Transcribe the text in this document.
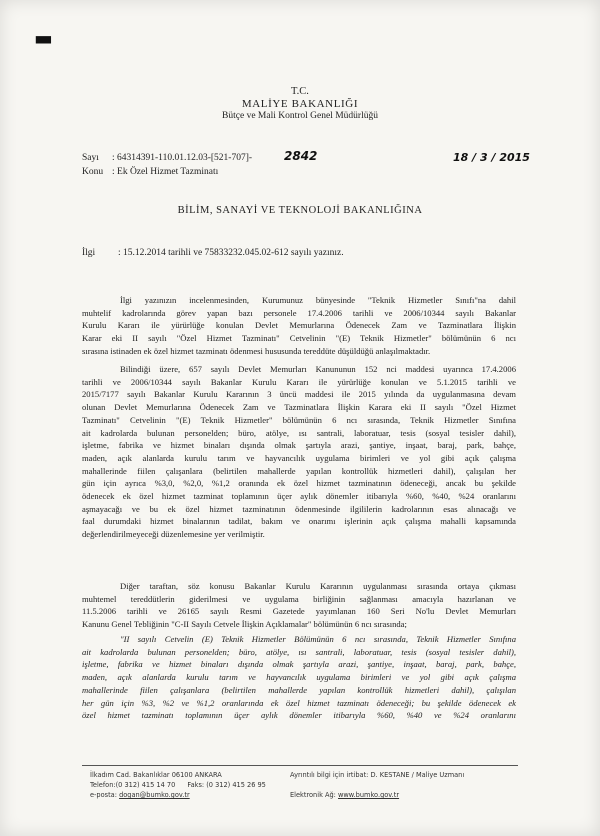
▬
T.C.
MALİYE BAKANLIĞI
Bütçe ve Mali Kontrol Genel Müdürlüğü
Sayı : 64314391-110.01.12.03-[521-707]-	2842	18 / 3 / 2015
Konu : Ek Özel Hizmet Tazminatı
BİLİM, SANAYİ VE TEKNOLOJİ BAKANLIĞINA
İlgi : 15.12.2014 tarihli ve 75833232.045.02-612 sayılı yazınız.
İlgi yazınızın incelenmesinden, Kurumunuz bünyesinde "Teknik Hizmetler Sınıfı"na dahil
muhtelif kadrolarında görev yapan bazı personele 17.4.2006 tarihli ve 2006/10344 sayılı Bakanlar
Kurulu Kararı ile yürürlüğe konulan Devlet Memurlarına Ödenecek Zam ve Tazminatlara İlişkin
Karar eki II sayılı "Özel Hizmet Tazminatı" Cetvelinin "(E) Teknik Hizmetler" bölümünün 6 ncı
sırasına istinaden ek özel hizmet tazminatı ödenmesi hususunda tereddüte düşüldüğü anlaşılmaktadır.
Bilindiği üzere, 657 sayılı Devlet Memurları Kanununun 152 nci maddesi uyarınca 17.4.2006
tarihli ve 2006/10344 sayılı Bakanlar Kurulu Kararı ile yürürlüğe konulan ve 5.1.2015 tarihli ve
2015/7177 sayılı Bakanlar Kurulu Kararının 3 üncü maddesi ile 2015 yılında da uygulanmasına devam
olunan Devlet Memurlarına Ödenecek Zam ve Tazminatlara İlişkin Karara eki II sayılı "Özel Hizmet
Tazminatı" Cetvelinin "(E) Teknik Hizmetler" bölümünün 6 ncı sırasında, Teknik Hizmetler Sınıfına
ait kadrolarda bulunan personelden; büro, atölye, ısı santrali, laboratuar, tesis (sosyal tesisler dahil),
işletme, fabrika ve hizmet binaları dışında olmak şartıyla arazi, şantiye, inşaat, baraj, park, bahçe,
maden, açık alanlarda kurulu tarım ve hayvancılık uygulama birimleri ve yol gibi açık çalışma
mahallerinde fiilen çalışanlara (belirtilen mahallerde yapılan kontrollük hizmetleri dahil), çalışılan her
gün için ayrıca %3,0, %2,0, %1,2 oranında ek özel hizmet tazminatının ödeneceği, ancak bu şekilde
ödenecek ek özel hizmet tazminat toplamının üçer aylık dönemler itibarıyla %60, %40, %24 oranlarını
aşmayacağı ve bu ek özel hizmet tazminatının ödenmesinde ilgililerin kadrolarının esas alınacağı ve
faal durumdaki hizmet binalarının tadilat, bakım ve onarımı işlerinin açık çalışma mahalli kapsamında
değerlendirilmeyeceği düzenlemesine yer verilmiştir.
Diğer taraftan, söz konusu Bakanlar Kurulu Kararının uygulanması sırasında ortaya çıkması
muhtemel tereddütlerin giderilmesi ve uygulama birliğinin sağlanması amacıyla hazırlanan ve
11.5.2006 tarihli ve 26165 sayılı Resmi Gazetede yayımlanan 160 Seri No'lu Devlet Memurları
Kanunu Genel Tebliğinin "C-II Sayılı Cetvele İlişkin Açıklamalar" bölümünün 6 ncı sırasında;
"II sayılı Cetvelin (E) Teknik Hizmetler Bölümünün 6 ncı sırasında, Teknik Hizmetler Sınıfına
ait kadrolarda bulunan personelden; büro, atölye, ısı santrali, laboratuar, tesis (sosyal tesisler dahil),
işletme, fabrika ve hizmet binaları dışında olmak şartıyla arazi, şantiye, inşaat, baraj, park, bahçe,
maden, açık alanlarda kurulu tarım ve hayvancılık uygulama birimleri ve yol gibi açık çalışma
mahallerinde fiilen çalışanlara (belirtilen mahallerde yapılan kontrollük hizmetleri dahil), çalışılan
her gün için %3, %2 ve %1,2 oranlarında ek özel hizmet tazminatı ödeneceği; bu şekilde ödenecek ek
özel hizmet tazminatı toplamının üçer aylık dönemler itibarıyla %60, %40 ve %24 oranlarını
İlkadım Cad. Bakanlıklar 06100 ANKARA	Ayrıntılı bilgi için irtibat: D. KESTANE / Maliye Uzmanı
Telefon:(0 312) 415 14 70 Faks: (0 312) 415 26 95
e-posta: dogan@bumko.gov.tr	Elektronik Ağ: www.bumko.gov.tr
